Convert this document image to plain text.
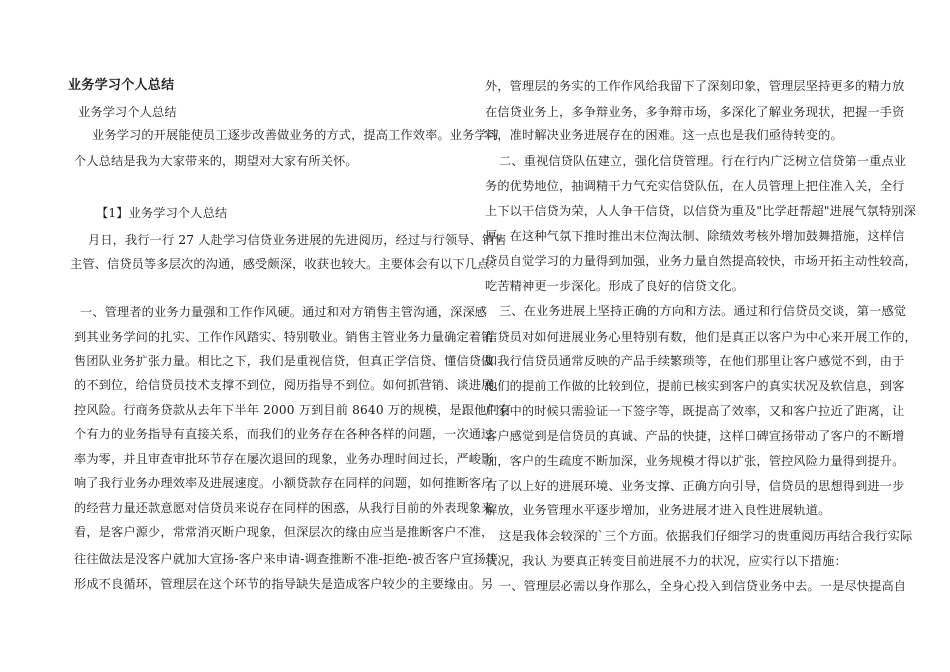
业务学习个人总结
业务学习个人总结
业务学习的开展能使员工逐步改善做业务的方式，提高工作效率。业务学习
个人总结是我为大家带来的，期望对大家有所关怀。
【1】业务学习个人总结
月日，我行一行 27 人赴学习信贷业务进展的先进阅历，经过与行领导、销售
主管、信贷员等多层次的沟通，感受颇深，收获也较大。主要体会有以下几点：
一、管理者的业务力量强和工作作风硬。通过和对方销售主管沟通，深深感
到其业务学问的扎实、工作作风踏实、特别敬业。销售主管业务力量确定着销
售团队业务扩张力量。相比之下，我们是重视信贷，但真正学信贷、懂信贷做
的不到位，给信贷员技术支撑不到位，阅历指导不到位。如何抓营销、谈进展、
控风险。行商务贷款从去年下半年 2000 万到目前 8640 万的规模，是跟他们有
个有力的业务指导有直接关系，而我们的业务存在各种各样的问题，一次通过
率为零，并且审查审批环节存在屡次退回的现象，业务办理时间过长，严峻影
响了我行业务办理效率及进展速度。小额贷款存在同样的问题，如何推断客户
的经营力量还款意愿对信贷员来说存在同样的困惑，从我行目前的外表现象来
看，是客户源少，常常消灭断户现象，但深层次的缘由应当是推断客户不准，
往往做法是没客户就加大宣扬-客户来申请-调查推断不准-拒绝-被否客户宣扬等
形成不良循环，管理层在这个环节的指导缺失是造成客户较少的主要缘由。另
外，管理层的务实的工作作风给我留下了深刻印象，管理层坚持更多的精力放
在信贷业务上，多争辩业务，多争辩市场，多深化了解业务现状，把握一手资
料，准时解决业务进展存在的困难。这一点也是我们亟待转变的。
二、重视信贷队伍建立，强化信贷管理。行在行内广泛树立信贷第一重点业
务的优势地位，抽调精干力气充实信贷队伍，在人员管理上把住准入关，全行
上下以干信贷为荣，人人争干信贷，以信贷为重及"比学赶帮超"进展气氛特别深
厚，在这种气氛下推时推出末位淘汰制、除绩效考核外增加鼓舞措施，这样信
贷员自觉学习的力量得到加强，业务力量自然提高较快，市场开拓主动性较高，
吃苦精神更一步深化。形成了良好的信贷文化。
三、在业务进展上坚持正确的方向和方法。通过和行信贷员交谈，第一感觉
信贷员对如何进展业务心里特别有数，他们是真正以客户为中心来开展工作的，
如我行信贷员通常反映的产品手续繁琐等，在他们那里让客户感觉不到，由于
他们的提前工作做的比较到位，提前已核实到客户的真实状况及软信息，到客
户家中的时候只需验证一下签字等，既提高了效率，又和客户拉近了距离，让
客户感觉到是信贷员的真诚、产品的快捷，这样口碑宣扬带动了客户的不断增
加，客户的生疏度不断加深，业务规模才得以扩张，管控风险力量得到提升。
有了以上好的进展环境、业务支撑、正确方向引导，信贷员的思想得到进一步
解放，业务管理水平逐步增加，业务进展才进入良性进展轨道。
这是我体会较深的`三个方面。依据我们仔细学习的贵重阅历再结合我行实际
状况，我认 为要真正转变目前进展不力的状况，应实行以下措施：
一、管理层必需以身作那么，全身心投入到信贷业务中去。一是尽快提高自
